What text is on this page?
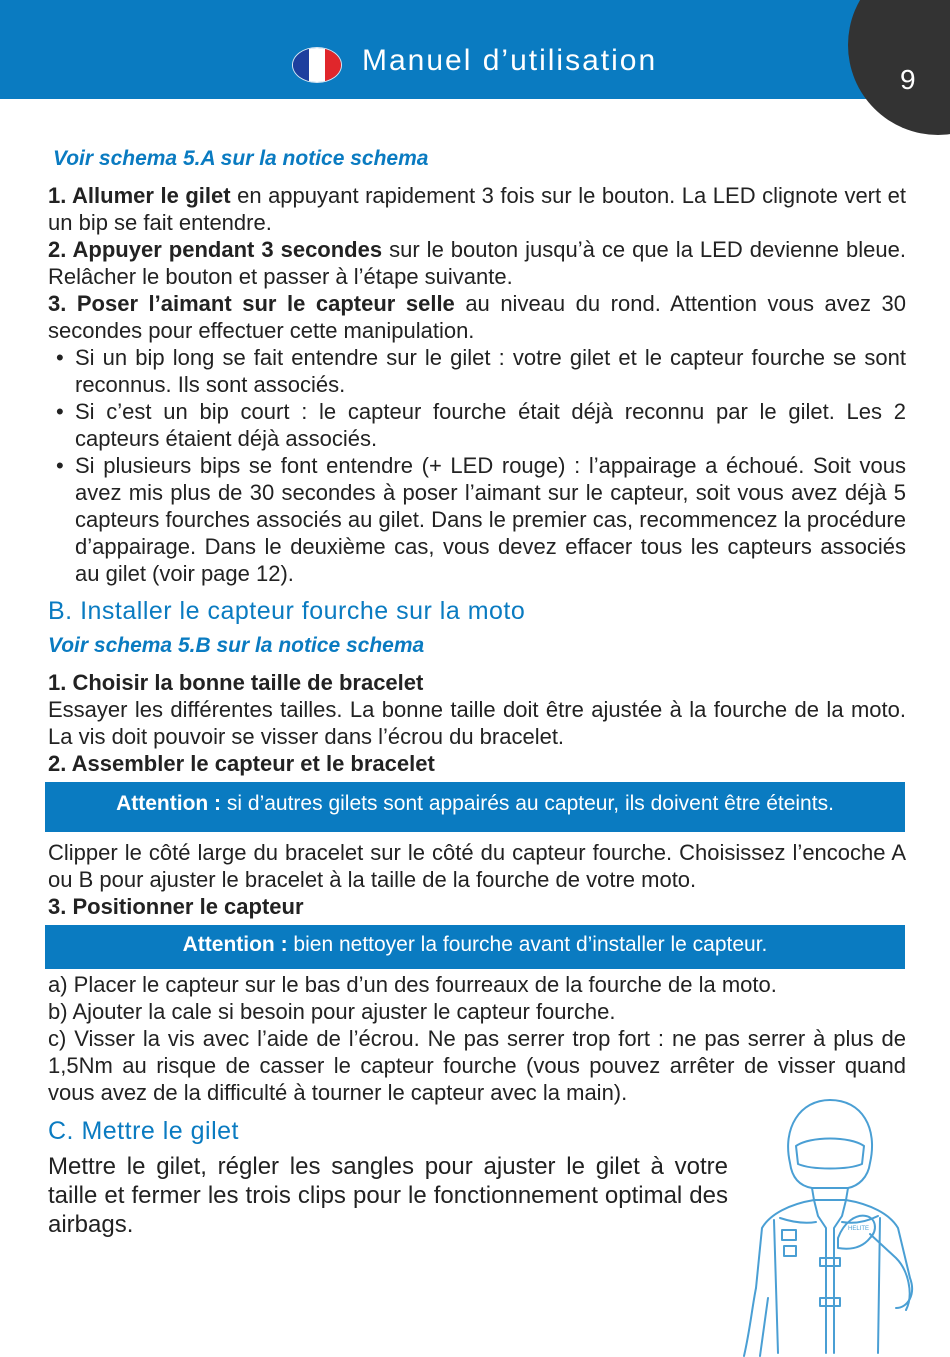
Manuel d’utilisation
9
Voir schema 5.A sur la notice schema

1. Allumer le gilet en appuyant rapidement 3 fois sur le bouton. La LED clignote vert et un bip se fait entendre.

2. Appuyer pendant 3 secondes sur le bouton jusqu’à ce que la LED devienne bleue. Relâcher le bouton et passer à l’étape suivante.

3. Poser l’aimant sur le capteur selle au niveau du rond. Attention vous avez 30 secondes pour effectuer cette manipulation.

• Si un bip long se fait entendre sur le gilet : votre gilet et le capteur fourche se sont reconnus. Ils sont associés.
• Si c’est un bip court : le capteur fourche était déjà reconnu par le gilet. Les 2 capteurs étaient déjà associés.
• Si plusieurs bips se font entendre (+ LED rouge) : l’appairage a échoué. Soit vous avez mis plus de 30 secondes à poser l’aimant sur le capteur, soit vous avez déjà 5 capteurs fourches associés au gilet. Dans le premier cas, recommencez la procédure d’appairage. Dans le deuxième cas, vous devez effacer tous les capteurs associés au gilet (voir page 12).
B. Installer le capteur fourche sur la moto
Voir schema 5.B sur la notice schema

1. Choisir la bonne taille de bracelet

Essayer les différentes tailles. La bonne taille doit être ajustée à la fourche de la moto. La vis doit pouvoir se visser dans l’écrou du bracelet.

2. Assembler le capteur et le bracelet

Attention : si d’autres gilets sont appairés au capteur, ils doivent être éteints.

Clipper le côté large du bracelet sur le côté du capteur fourche. Choisissez l’encoche A ou B pour ajuster le bracelet à la taille de la fourche de votre moto.

3. Positionner le capteur

Attention : bien nettoyer la fourche avant d’installer le capteur.

a) Placer le capteur sur le bas d’un des fourreaux de la fourche de la moto.

b) Ajouter la cale si besoin pour ajuster le capteur fourche.

c) Visser la vis avec l’aide de l’écrou. Ne pas serrer trop fort : ne pas serrer à plus de 1,5Nm au risque de casser le capteur fourche (vous pouvez arrêter de visser quand vous avez de la difficulté à tourner le capteur avec la main).

C. Mettre le gilet

Mettre le gilet, régler les sangles pour ajuster le gilet à votre taille et fermer les trois clips pour le fonctionnement optimal des airbags.	HELITE
